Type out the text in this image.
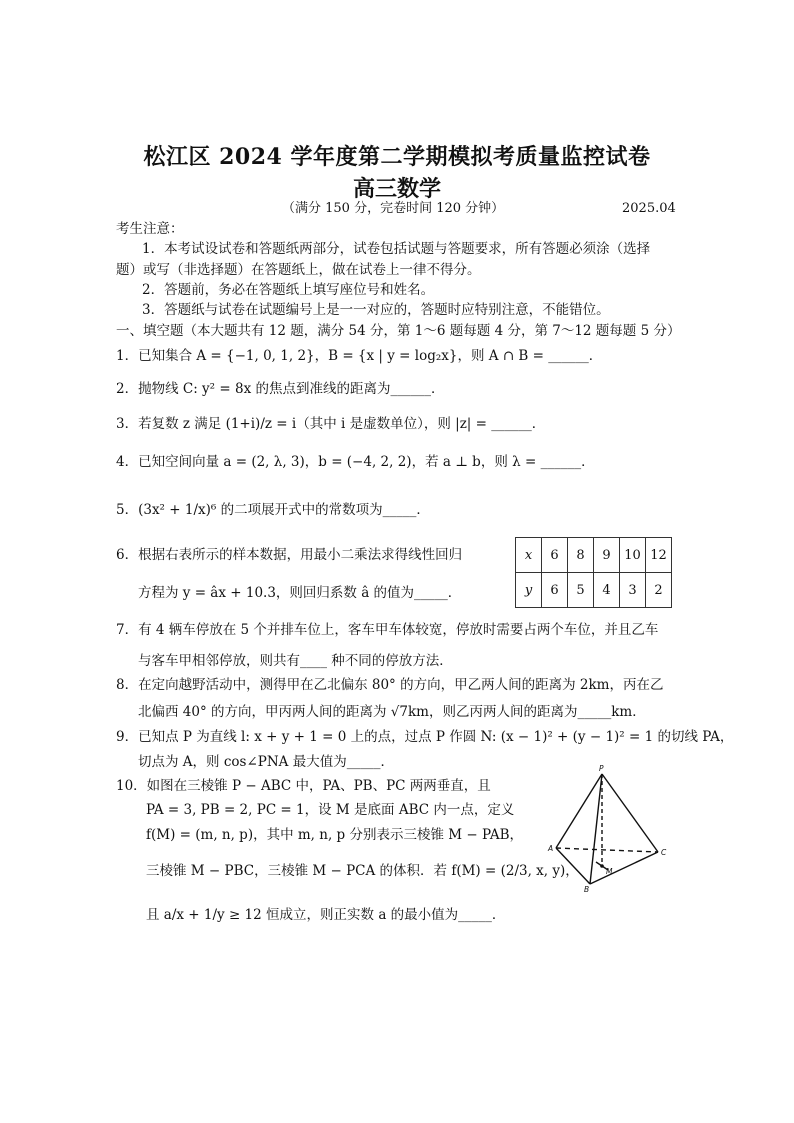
松江区 2024 学年度第二学期模拟考质量监控试卷
高三数学
（满分 150 分，完卷时间 120 分钟）	2025.04
考生注意：
1．本考试设试卷和答题纸两部分，试卷包括试题与答题要求，所有答题必须涂（选择
题）或写（非选择题）在答题纸上，做在试卷上一律不得分。
2．答题前，务必在答题纸上填写座位号和姓名。
3．答题纸与试卷在试题编号上是一一对应的，答题时应特别注意，不能错位。
一、填空题（本大题共有 12 题，满分 54 分，第 1～6 题每题 4 分，第 7～12 题每题 5 分）
1．已知集合 A = {−1, 0, 1, 2}，B = {x | y = log₂x}，则 A ∩ B = ______．
2．抛物线 C: y² = 8x 的焦点到准线的距离为______．
3．若复数 z 满足 (1+i)/z = i（其中 i 是虚数单位），则 |z| = ______．
4．已知空间向量 a = (2, λ, 3)，b = (−4, 2, 2)，若 a ⊥ b，则 λ = ______．
5．(3x² + 1/x)⁶ 的二项展开式中的常数项为_____．
6．根据右表所示的样本数据，用最小二乘法求得线性回归
方程为 y = âx + 10.3，则回归系数 â 的值为_____．
x	6	8	9	10	12
y	6	5	4	3	2
7．有 4 辆车停放在 5 个并排车位上，客车甲车体较宽，停放时需要占两个车位，并且乙车
与客车甲相邻停放，则共有____ 种不同的停放方法．
8．在定向越野活动中，测得甲在乙北偏东 80° 的方向，甲乙两人间的距离为 2km，丙在乙
北偏西 40° 的方向，甲丙两人间的距离为 √7km，则乙丙两人间的距离为_____km．
9．已知点 P 为直线 l: x + y + 1 = 0 上的点，过点 P 作圆 N: (x − 1)² + (y − 1)² = 1 的切线 PA，
切点为 A，则 cos∠PNA 最大值为_____．
10．如图在三棱锥 P − ABC 中，PA、PB、PC 两两垂直，且
PA = 3, PB = 2, PC = 1，设 M 是底面 ABC 内一点，定义
f(M) = (m, n, p)，其中 m, n, p 分别表示三棱锥 M − PAB，
三棱锥 M − PBC，三棱锥 M − PCA 的体积．若 f(M) = (2/3, x, y)，
且 a/x + 1/y ≥ 12 恒成立，则正实数 a 的最小值为_____．
P
A
B
C
M
